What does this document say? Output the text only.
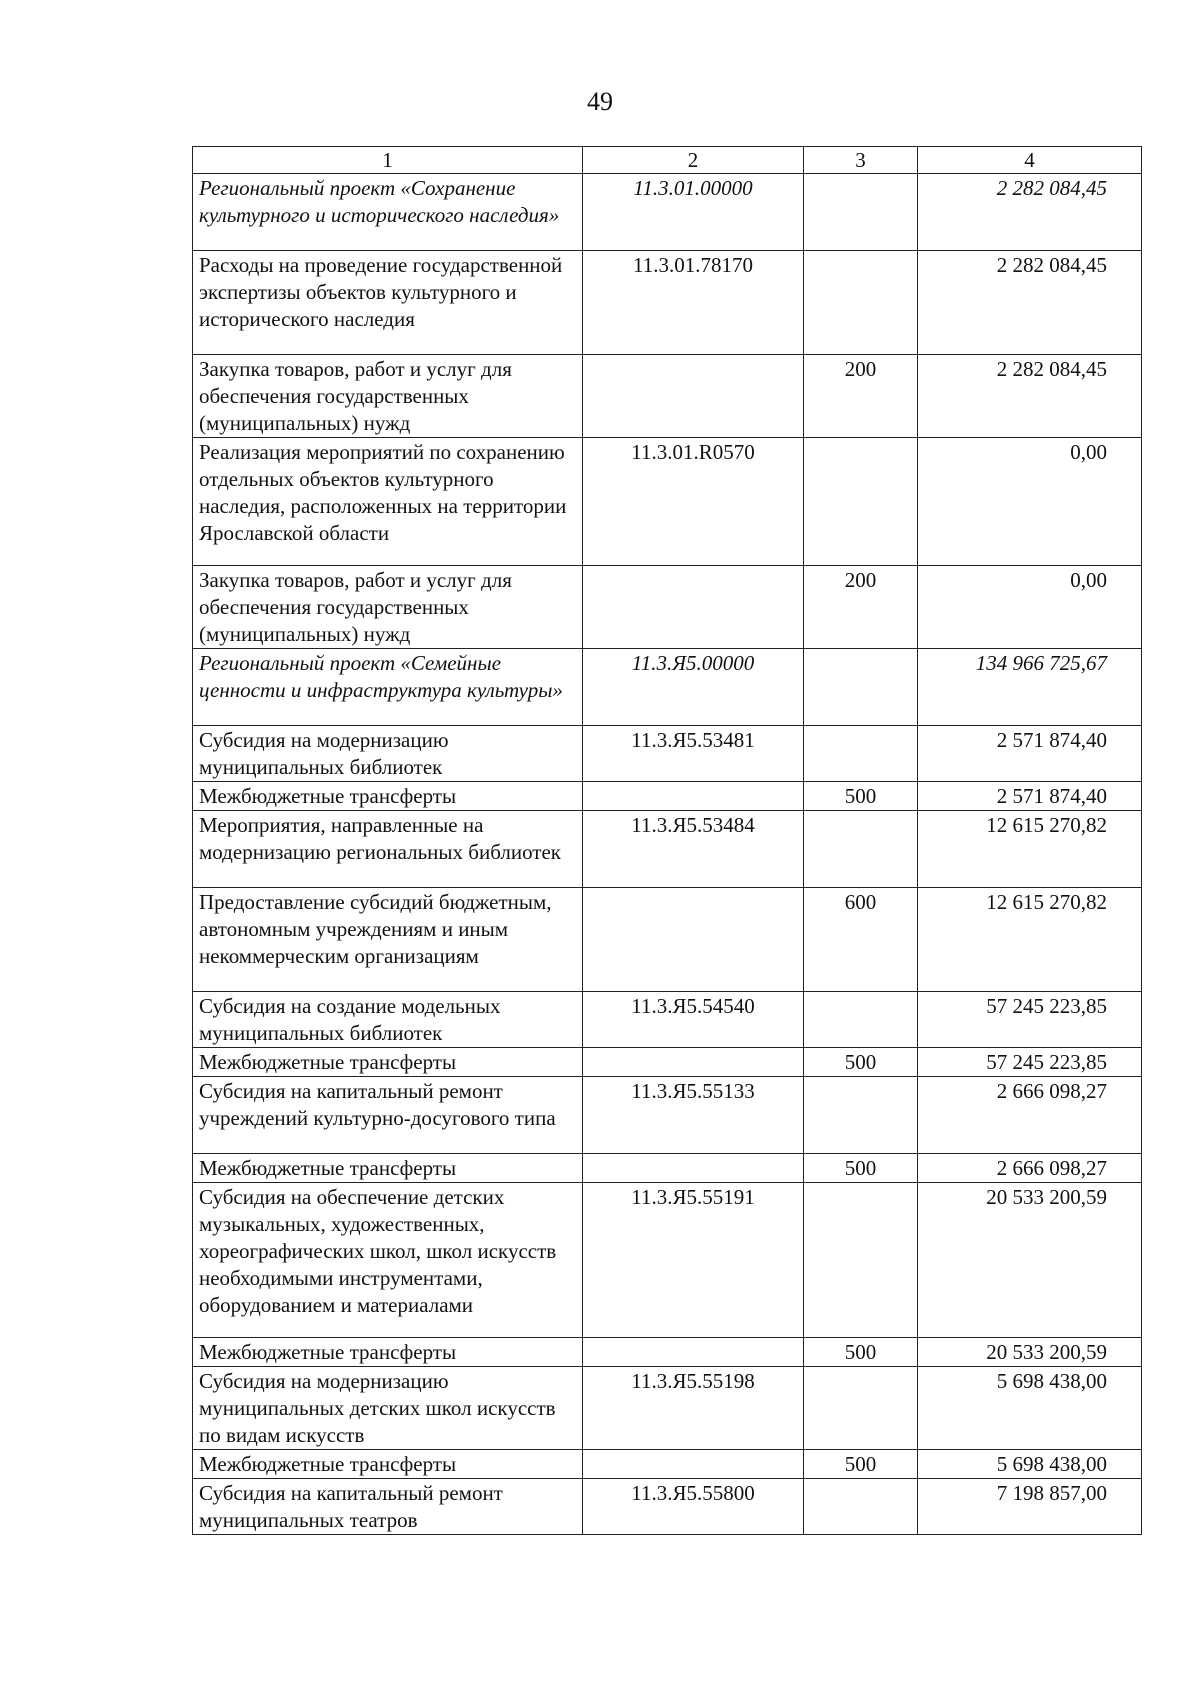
49
1	2	3	4
Региональный проект «Сохранение культурного и исторического наследия»	11.3.01.00000		2 282 084,45
Расходы на проведение государственной экспертизы объектов культурного и исторического наследия	11.3.01.78170		2 282 084,45
Закупка товаров, работ и услуг для обеспечения государственных (муниципальных) нужд		200	2 282 084,45
Реализация мероприятий по сохранению отдельных объектов культурного наследия, расположенных на территории Ярославской области	11.3.01.R0570		0,00
Закупка товаров, работ и услуг для обеспечения государственных (муниципальных) нужд		200	0,00
Региональный проект «Семейные ценности и инфраструктура культуры»	11.3.Я5.00000		134 966 725,67
Субсидия на модернизацию муниципальных библиотек	11.3.Я5.53481		2 571 874,40
Межбюджетные трансферты		500	2 571 874,40
Мероприятия, направленные на модернизацию региональных библиотек	11.3.Я5.53484		12 615 270,82
Предоставление субсидий бюджетным, автономным учреждениям и иным некоммерческим организациям		600	12 615 270,82
Субсидия на создание модельных муниципальных библиотек	11.3.Я5.54540		57 245 223,85
Межбюджетные трансферты		500	57 245 223,85
Субсидия на капитальный ремонт учреждений культурно-досугового типа	11.3.Я5.55133		2 666 098,27
Межбюджетные трансферты		500	2 666 098,27
Субсидия на обеспечение детских музыкальных, художественных, хореографических школ, школ искусств необходимыми инструментами, оборудованием и материалами	11.3.Я5.55191		20 533 200,59
Межбюджетные трансферты		500	20 533 200,59
Субсидия на модернизацию муниципальных детских школ искусств по видам искусств	11.3.Я5.55198		5 698 438,00
Межбюджетные трансферты		500	5 698 438,00
Субсидия на капитальный ремонт муниципальных театров	11.3.Я5.55800		7 198 857,00
